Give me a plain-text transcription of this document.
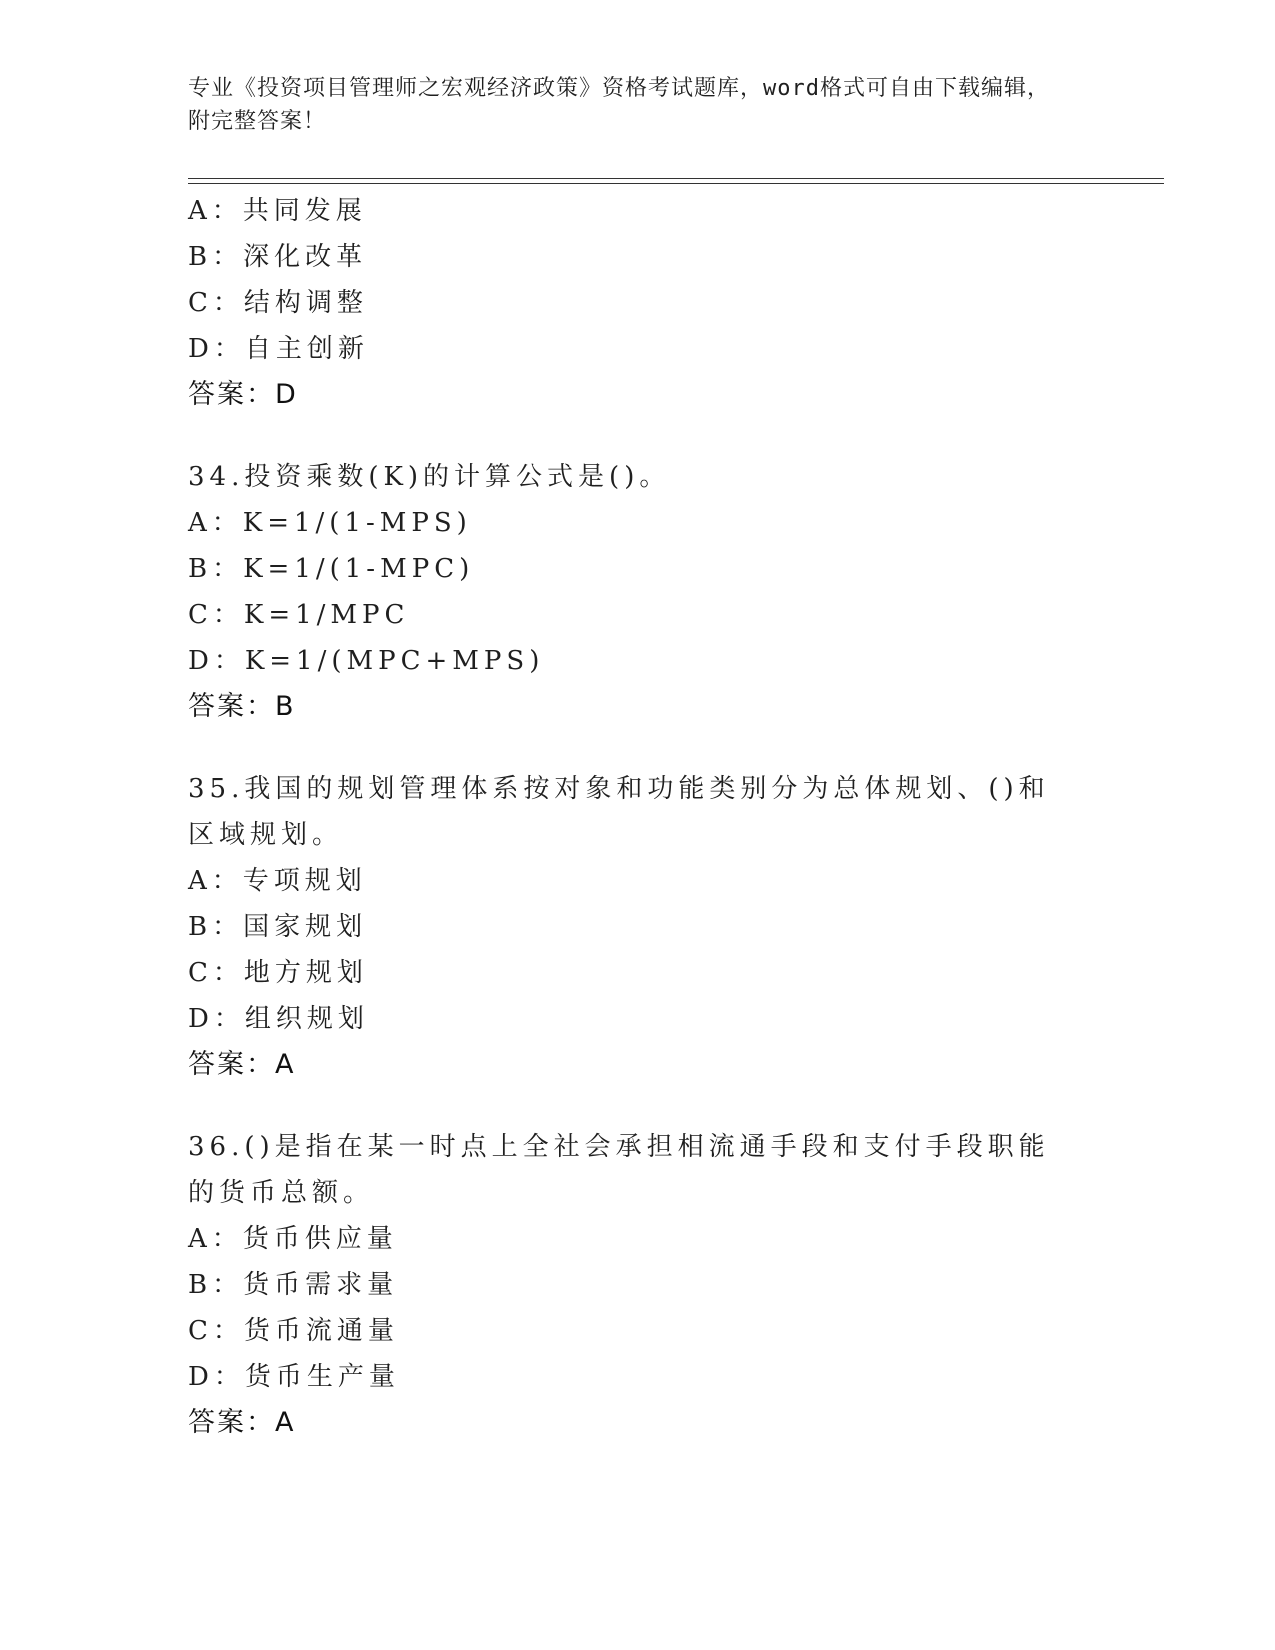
专业《投资项目管理师之宏观经济政策》资格考试题库，word格式可自由下载编辑，附完整答案！
A：共同发展
B：深化改革
C：结构调整
D：自主创新
答案：D
34.投资乘数(K)的计算公式是()。
A：K=1/(1-MPS)
B：K=1/(1-MPC)
C：K=1/MPC
D：K=1/(MPC+MPS)
答案：B
35.我国的规划管理体系按对象和功能类别分为总体规划、()和区域规划。
A：专项规划
B：国家规划
C：地方规划
D：组织规划
答案：A
36.()是指在某一时点上全社会承担相流通手段和支付手段职能的货币总额。
A：货币供应量
B：货币需求量
C：货币流通量
D：货币生产量
答案：A
